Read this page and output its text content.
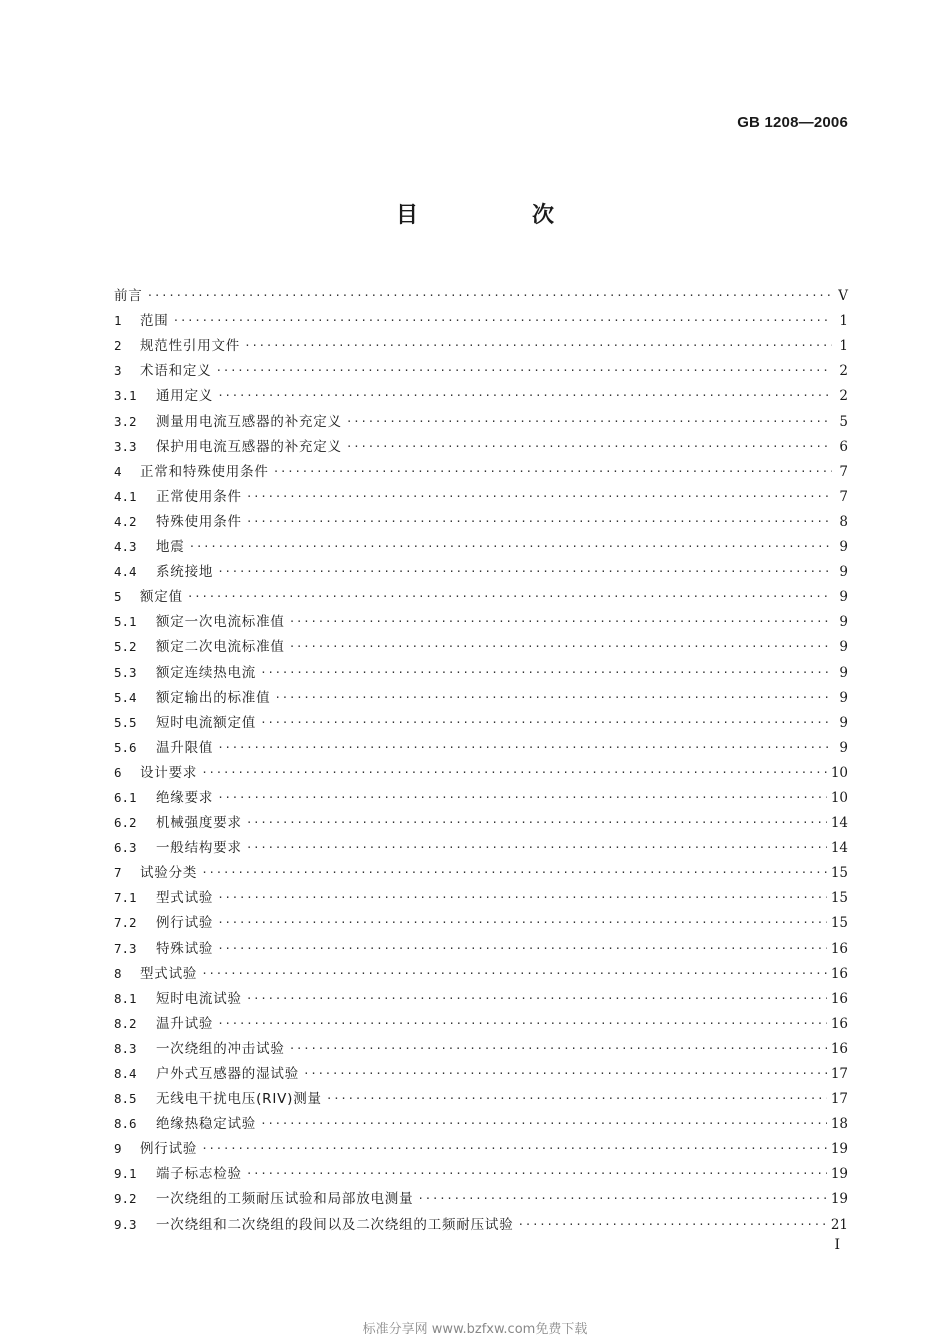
GB 1208—2006
目　次
前言 ·····	V
1	范围 ·····	1
2	规范性引用文件 ·····	1
3	术语和定义 ·····	2
3.1	通用定义 ·····	2
3.2	测量用电流互感器的补充定义 ·····	5
3.3	保护用电流互感器的补充定义 ·····	6
4	正常和特殊使用条件 ·····	7
4.1	正常使用条件 ·····	7
4.2	特殊使用条件 ·····	8
4.3	地震 ·····	9
4.4	系统接地 ·····	9
5	额定值 ·····	9
5.1	额定一次电流标准值 ·····	9
5.2	额定二次电流标准值 ·····	9
5.3	额定连续热电流 ·····	9
5.4	额定输出的标准值 ·····	9
5.5	短时电流额定值 ·····	9
5.6	温升限值 ·····	9
6	设计要求 ·····	10
6.1	绝缘要求 ·····	10
6.2	机械强度要求 ·····	14
6.3	一般结构要求 ·····	14
7	试验分类 ·····	15
7.1	型式试验 ·····	15
7.2	例行试验 ·····	15
7.3	特殊试验 ·····	16
8	型式试验 ·····	16
8.1	短时电流试验 ·····	16
8.2	温升试验 ·····	16
8.3	一次绕组的冲击试验 ·····	16
8.4	户外式互感器的湿试验 ·····	17
8.5	无线电干扰电压(RIV)测量 ·····	17
8.6	绝缘热稳定试验 ·····	18
9	例行试验 ·····	19
9.1	端子标志检验 ·····	19
9.2	一次绕组的工频耐压试验和局部放电测量 ·····	19
9.3	一次绕组和二次绕组的段间以及二次绕组的工频耐压试验 ·····	21
I
标准分享网 www.bzfxw.com免费下载
